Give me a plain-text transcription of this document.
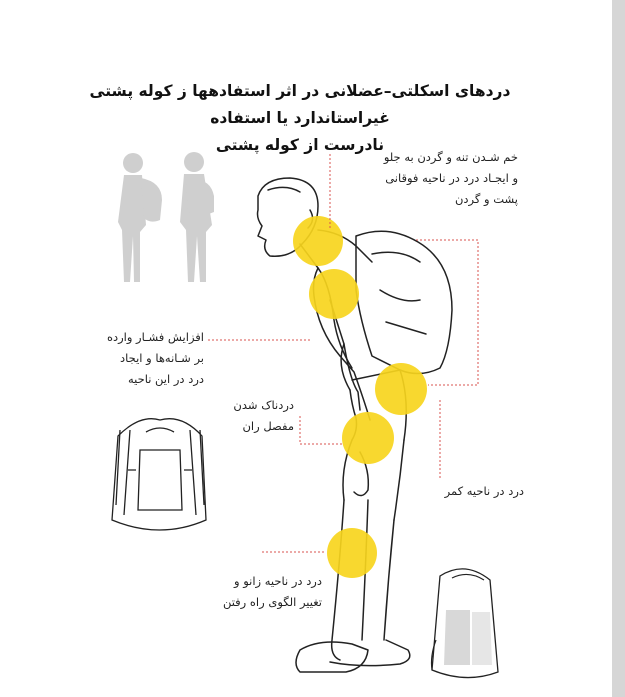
دردهای اسکلتی–عضلانی در اثر استفادهها ز کوله پشتی غیراستاندارد یا استفاده
نادرست از کوله پشتی
خم شـدن تنه و گردن به جلو
و ایجـاد درد در ناحیه فوقانی
پشت و گردن
افزایش فشـار وارده
بر شـانه‌ها و ایجاد
درد در این ناحیه
دردناک شدن
مفصل ران
درد در ناحیه کمر
درد در ناحیه زانو و
تغییر الگوی راه رفتن
